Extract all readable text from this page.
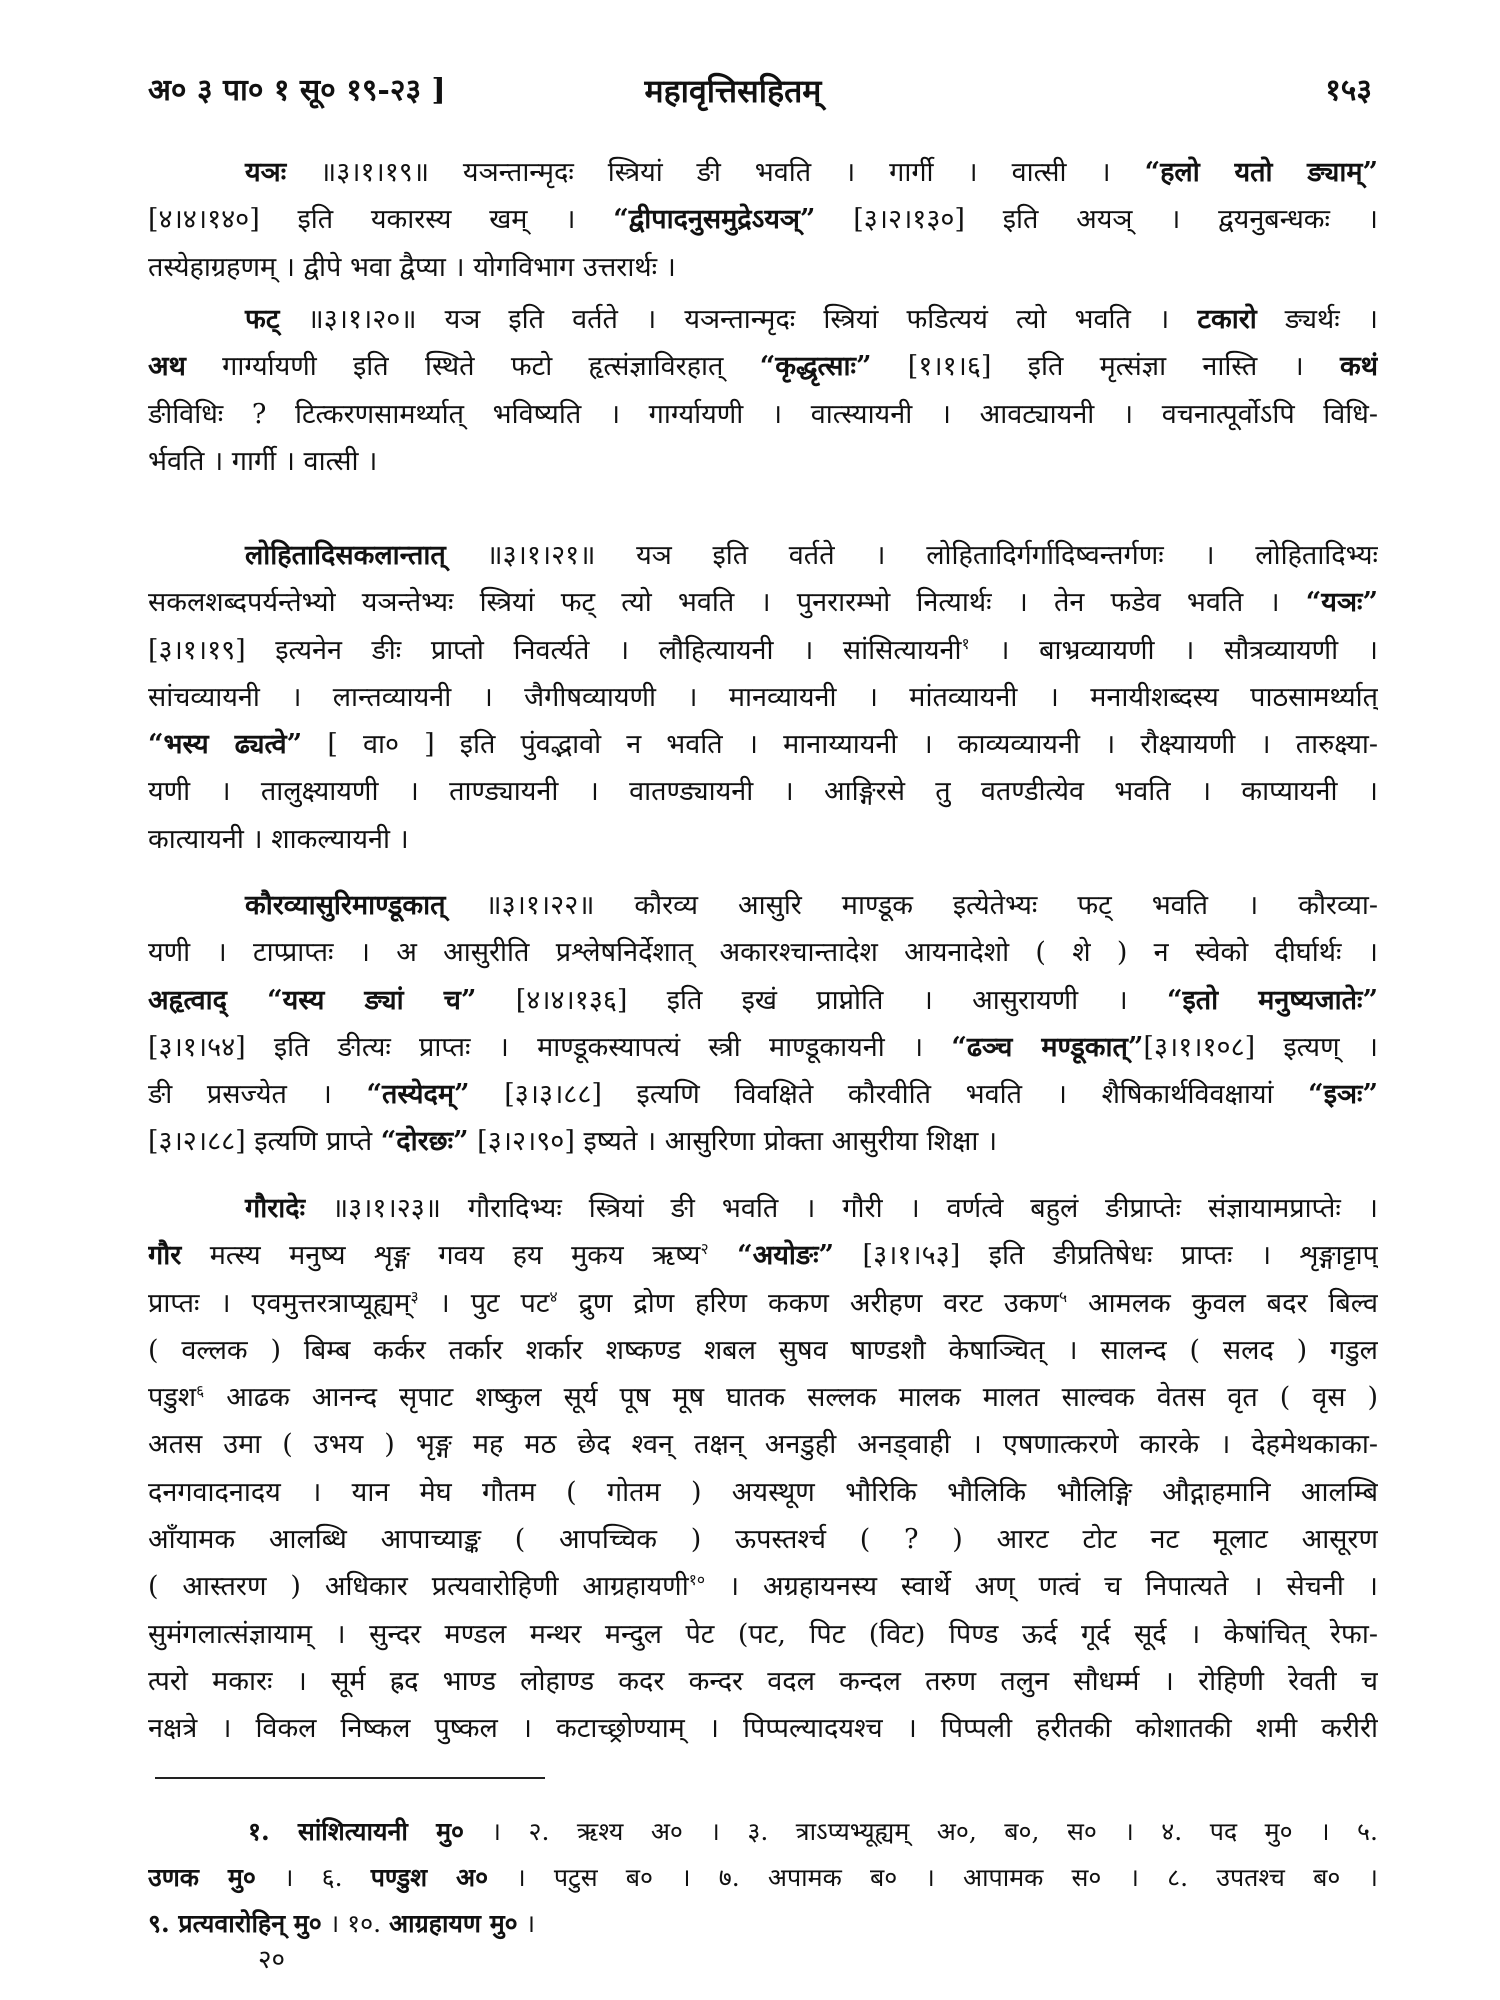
अ० ३ पा० १ सू० १९-२३ ]	महावृत्तिसहितम्	१५३
यञः ॥३।१।१९॥ यञन्तान्मृदः स्त्रियां ङी भवति । गार्गी । वात्सी । “हलो यतो ङ्याम्”
[४।४।१४०] इति यकारस्य खम् । “द्वीपादनुसमुद्रेऽयञ्” [३।२।१३०] इति अयञ् । द्वयनुबन्धकः ।
तस्येहाग्रहणम् । द्वीपे भवा द्वैप्या । योगविभाग उत्तरार्थः ।
फट् ॥३।१।२०॥ यञ इति वर्तते । यञन्तान्मृदः स्त्रियां फडित्ययं त्यो भवति । टकारो ङ्यर्थः ।
अथ गार्ग्यायणी इति स्थिते फटो हृत्संज्ञाविरहात् “कृद्धृत्साः” [१।१।६] इति मृत्संज्ञा नास्ति । कथं
ङीविधिः ? टित्करणसामर्थ्यात् भविष्यति । गार्ग्यायणी । वात्स्यायनी । आवट्यायनी । वचनात्पूर्वोऽपि विधि-
र्भवति । गार्गी । वात्सी ।
लोहितादिसकलान्तात् ॥३।१।२१॥ यञ इति वर्तते । लोहितादिर्गर्गादिष्वन्तर्गणः । लोहितादिभ्यः
सकलशब्दपर्यन्तेभ्यो यञन्तेभ्यः स्त्रियां फट् त्यो भवति । पुनरारम्भो नित्यार्थः । तेन फडेव भवति । “यञः”
[३।१।१९] इत्यनेन ङीः प्राप्तो निवर्त्यते । लौहित्यायनी । सांसित्यायनी$^१$ । बाभ्रव्यायणी । सौत्रव्यायणी ।
सांचव्यायनी । लान्तव्यायनी । जैगीषव्यायणी । मानव्यायनी । मांतव्यायनी । मनायीशब्दस्य पाठसामर्थ्यात्
“भस्य ढ्यत्वे” [ वा० ] इति पुंवद्भावो न भवति । मानाय्यायनी । काव्यव्यायनी । रौक्ष्यायणी । तारुक्ष्या-
यणी । तालुक्ष्यायणी । ताण्ड्यायनी । वातण्ड्यायनी । आङ्गिरसे तु वतण्डीत्येव भवति । काप्यायनी ।
कात्यायनी । शाकल्यायनी ।
कौरव्यासुरिमाण्डूकात् ॥३।१।२२॥ कौरव्य आसुरि माण्डूक इत्येतेभ्यः फट् भवति । कौरव्या-
यणी । टाप्प्राप्तः । अ आसुरीति प्रश्लेषनिर्देशात् अकारश्चान्तादेश आयनादेशो ( शे ) न स्वेको दीर्घार्थः ।
अहृत्वाद् “यस्य ङ्यां च” [४।४।१३६] इति इखं प्राप्नोति । आसुरायणी । “इतो मनुष्यजातेः”
[३।१।५४] इति ङीत्यः प्राप्तः । माण्डूकस्यापत्यं स्त्री माण्डूकायनी । “ढञ्च मण्डूकात्”[३।१।१०८] इत्यण् ।
ङी प्रसज्येत । “तस्येदम्” [३।३।८८] इत्यणि विवक्षिते कौरवीति भवति । शैषिकार्थविवक्षायां “इञः”
[३।२।८८] इत्यणि प्राप्ते “दोरछः” [३।२।९०] इष्यते । आसुरिणा प्रोक्ता आसुरीया शिक्षा ।
गौरादेः ॥३।१।२३॥ गौरादिभ्यः स्त्रियां ङी भवति । गौरी । वर्णत्वे बहुलं ङीप्राप्तेः संज्ञायामप्राप्तेः ।
गौर मत्स्य मनुष्य शृङ्ग गवय हय मुकय ऋष्य$^२$ “अयोङः” [३।१।५३] इति ङीप्रतिषेधः प्राप्तः । शृङ्गाट्टाप्
प्राप्तः । एवमुत्तरत्राप्यूह्यम्$^३$ । पुट पट$^४$ द्रुण द्रोण हरिण ककण अरीहण वरट उकण$^५$ आमलक कुवल बदर बिल्व
( वल्लक ) बिम्ब कर्कर तर्कार शर्कार शष्कण्ड शबल सुषव षाण्डशौ केषाञ्चित् । सालन्द ( सलद ) गडुल
पडुश$^६$ आढक आनन्द सृपाट शष्कुल सूर्य पूष मूष घातक सल्लक मालक मालत साल्वक वेतस वृत ( वृस )
अतस उमा ( उभय ) भृङ्ग मह मठ छेद श्वन् तक्षन् अनडुही अनड्वाही । एषणात्करणे कारके । देहमेथकाका-
दनगवादनादय । यान मेघ गौतम ( गोतम ) अयस्थूण भौरिकि भौलिकि भौलिङ्गि औद्गाहमानि आलम्बि
आँयामक आलब्धि आपाच्याङ्क ( आपच्चिक ) ऊपस्तर्श्च ( ? ) आरट टोट नट मूलाट आसूरण
( आस्तरण ) अधिकार प्रत्यवारोहिणी आग्रहायणी$^{१०}$ । अग्रहायनस्य स्वार्थे अण् णत्वं च निपात्यते । सेचनी ।
सुमंगलात्संज्ञायाम् । सुन्दर मण्डल मन्थर मन्दुल पेट (पट, पिट (विट) पिण्ड ऊर्द गूर्द सूर्द । केषांचित् रेफा-
त्परो मकारः । सूर्म ह्रद भाण्ड लोहाण्ड कदर कन्दर वदल कन्दल तरुण तलुन सौधर्म्म । रोहिणी रेवती च
नक्षत्रे । विकल निष्कल पुष्कल । कटाच्छ्रोण्याम् । पिप्पल्यादयश्च । पिप्पली हरीतकी कोशातकी शमी करीरी
१. सांशित्यायनी मु० । २. ऋश्य अ० । ३. त्राऽप्यभ्यूह्यम् अ०, ब०, स० । ४. पद मु० । ५.
उणक मु० । ६. पण्डुश अ० । पटुस ब० । ७. अपामक ब० । आपामक स० । ८. उपतश्च ब० ।
९. प्रत्यवारोहिन् मु० । १०. आग्रहायण मु० ।
२०
